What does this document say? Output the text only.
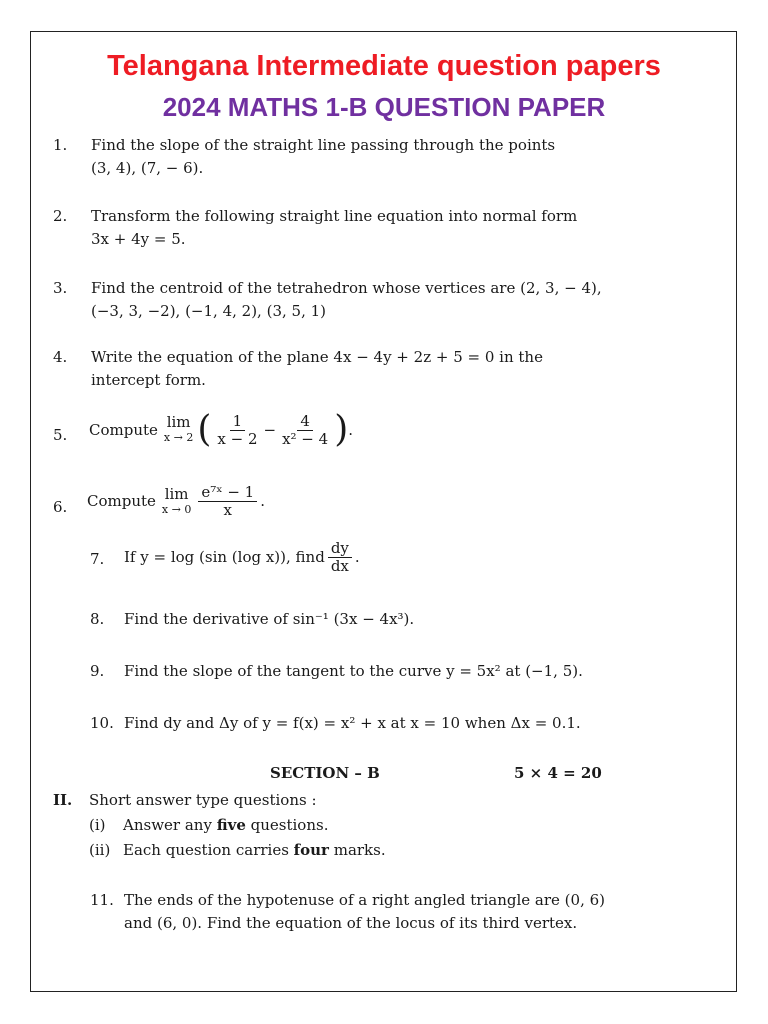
Telangana Intermediate question papers
2024 MATHS 1-B QUESTION PAPER
1. Find the slope of the straight line passing through the points
(3, 4), (7, − 6).
2. Transform the following straight line equation into normal form
3x + 4y = 5.
3. Find the centroid of the tetrahedron whose vertices are (2, 3, − 4),
(−3, 3, −2), (−1, 4, 2), (3, 5, 1)
4. Write the equation of the plane 4x − 4y + 2z + 5 = 0 in the
intercept form.
5. Compute lim
x → 2 ( $\frac{1}{x - 2} - \frac{4}{\text{x² − 4}}$ ) .
6. Compute lim
$x \to 0 \frac{\text{e⁷ˣ − 1}}{x}$ .
7. If y = log (sin (log x)), find $\frac{dy}{dx}$ .
8. Find the derivative of sin⁻¹ (3x − 4x³).
9. Find the slope of the tangent to the curve y = 5x² at (−1, 5).
10. Find dy and Δy of y = f(x) = x² + x at x = 10 when Δx = 0.1.
SECTION – B	5 × 4 = 20
II. Short answer type questions :
(i) Answer any five questions.
(ii) Each question carries four marks.
11. The ends of the hypotenuse of a right angled triangle are (0, 6)
and (6, 0). Find the equation of the locus of its third vertex.
